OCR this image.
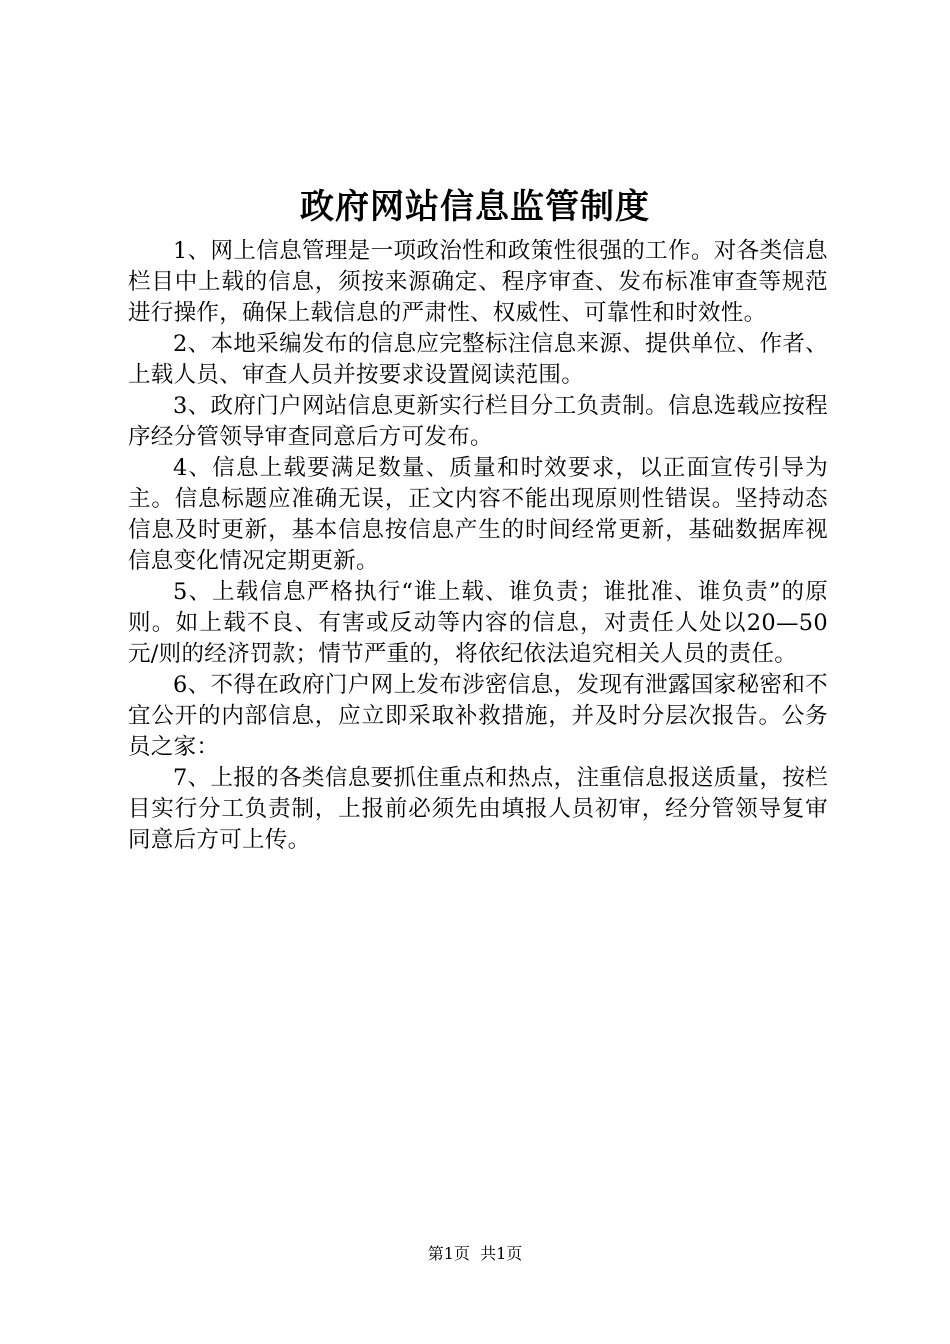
政府网站信息监管制度

1、网上信息管理是一项政治性和政策性很强的工作。对各类信息栏目中上载的信息，须按来源确定、程序审查、发布标准审查等规范进行操作，确保上载信息的严肃性、权威性、可靠性和时效性。

2、本地采编发布的信息应完整标注信息来源、提供单位、作者、上载人员、审查人员并按要求设置阅读范围。

3、政府门户网站信息更新实行栏目分工负责制。信息选载应按程序经分管领导审查同意后方可发布。

4、信息上载要满足数量、质量和时效要求，以正面宣传引导为主。信息标题应准确无误，正文内容不能出现原则性错误。坚持动态信息及时更新，基本信息按信息产生的时间经常更新，基础数据库视信息变化情况定期更新。

5、上载信息严格执行“谁上载、谁负责；谁批准、谁负责”的原则。如上载不良、有害或反动等内容的信息，对责任人处以20—50元/则的经济罚款；情节严重的，将依纪依法追究相关人员的责任。

6、不得在政府门户网上发布涉密信息，发现有泄露国家秘密和不宜公开的内部信息，应立即采取补救措施，并及时分层次报告。公务员之家：

7、上报的各类信息要抓住重点和热点，注重信息报送质量，按栏目实行分工负责制，上报前必须先由填报人员初审，经分管领导复审同意后方可上传。

第1页 共1页
